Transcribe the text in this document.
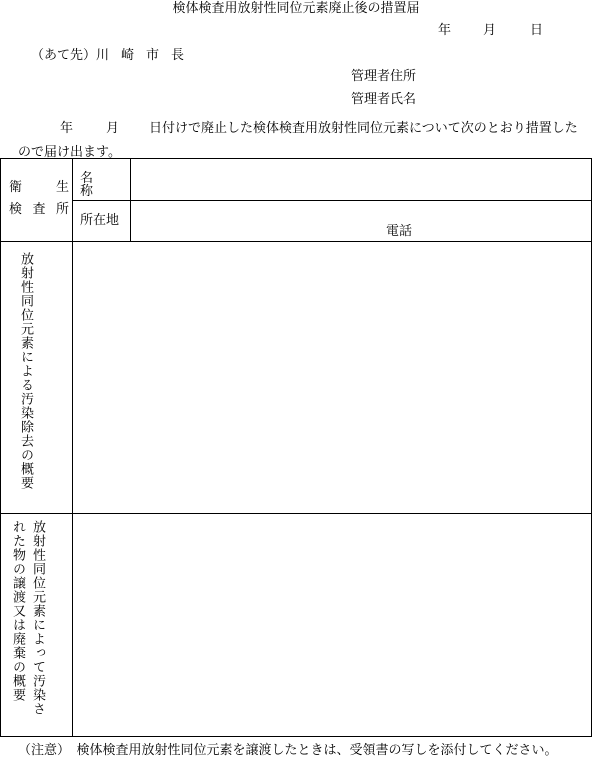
検体検査用放射性同位元素廃止後の措置届
年 月	日
（あて先）川崎市長
管理者住所
管理者氏名
年	月 日付けで廃止した検体検査用放射性同位元素について次のとおり措置したので届け出ます。
衛 生
検 査 所	名称	

	所在地	電話

放射性同位元素による汚染除去の概要		

放射性同位元素によって汚染さ
れた物の譲渡又は廃棄の概要		

（注意）　検体検査用放射性同位元素を譲渡したときは、受領書の写しを添付してください。
